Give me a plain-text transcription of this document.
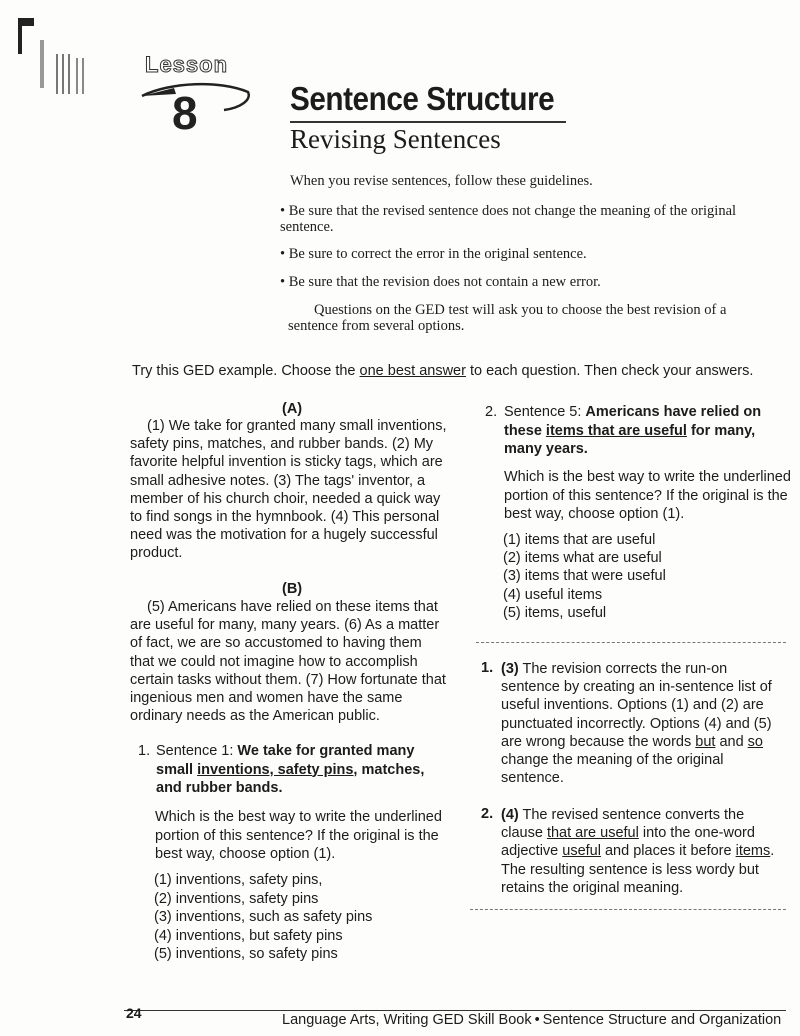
Lesson
8	Sentence Structure
Revising Sentences
When you revise sentences, follow these guidelines.
• Be sure that the revised sentence does not change the meaning of the original sentence.
• Be sure to correct the error in the original sentence.
• Be sure that the revision does not contain a new error.
Questions on the GED test will ask you to choose the best revision of a sentence from several options.
Try this GED example. Choose the one best answer to each question. Then check your answers.
(A)
(1) We take for granted many small inventions, safety pins, matches, and rubber bands. (2) My favorite helpful invention is sticky tags, which are small adhesive notes. (3) The tags' inventor, a member of his church choir, needed a quick way to find songs in the hymnbook. (4) This personal need was the motivation for a hugely successful product.
(B)
(5) Americans have relied on these items that are useful for many, many years. (6) As a matter of fact, we are so accustomed to having them that we could not imagine how to accomplish certain tasks without them. (7) How fortunate that ingenious men and women have the same ordinary needs as the American public.
1. Sentence 1: We take for granted many small inventions, safety pins, matches, and rubber bands.
Which is the best way to write the underlined portion of this sentence? If the original is the best way, choose option (1).
(1) inventions, safety pins,
(2) inventions, safety pins
(3) inventions, such as safety pins
(4) inventions, but safety pins
(5) inventions, so safety pins
2. Sentence 5: Americans have relied on these items that are useful for many, many years.
Which is the best way to write the underlined portion of this sentence? If the original is the best way, choose option (1).
(1) items that are useful
(2) items what are useful
(3) items that were useful
(4) useful items
(5) items, useful
1. (3) The revision corrects the run-on sentence by creating an in-sentence list of useful inventions. Options (1) and (2) are punctuated incorrectly. Options (4) and (5) are wrong because the words but and so change the meaning of the original sentence.
2. (4) The revised sentence converts the clause that are useful into the one-word adjective useful and places it before items. The resulting sentence is less wordy but retains the original meaning.
24	Language Arts, Writing GED Skill Book • Sentence Structure and Organization
